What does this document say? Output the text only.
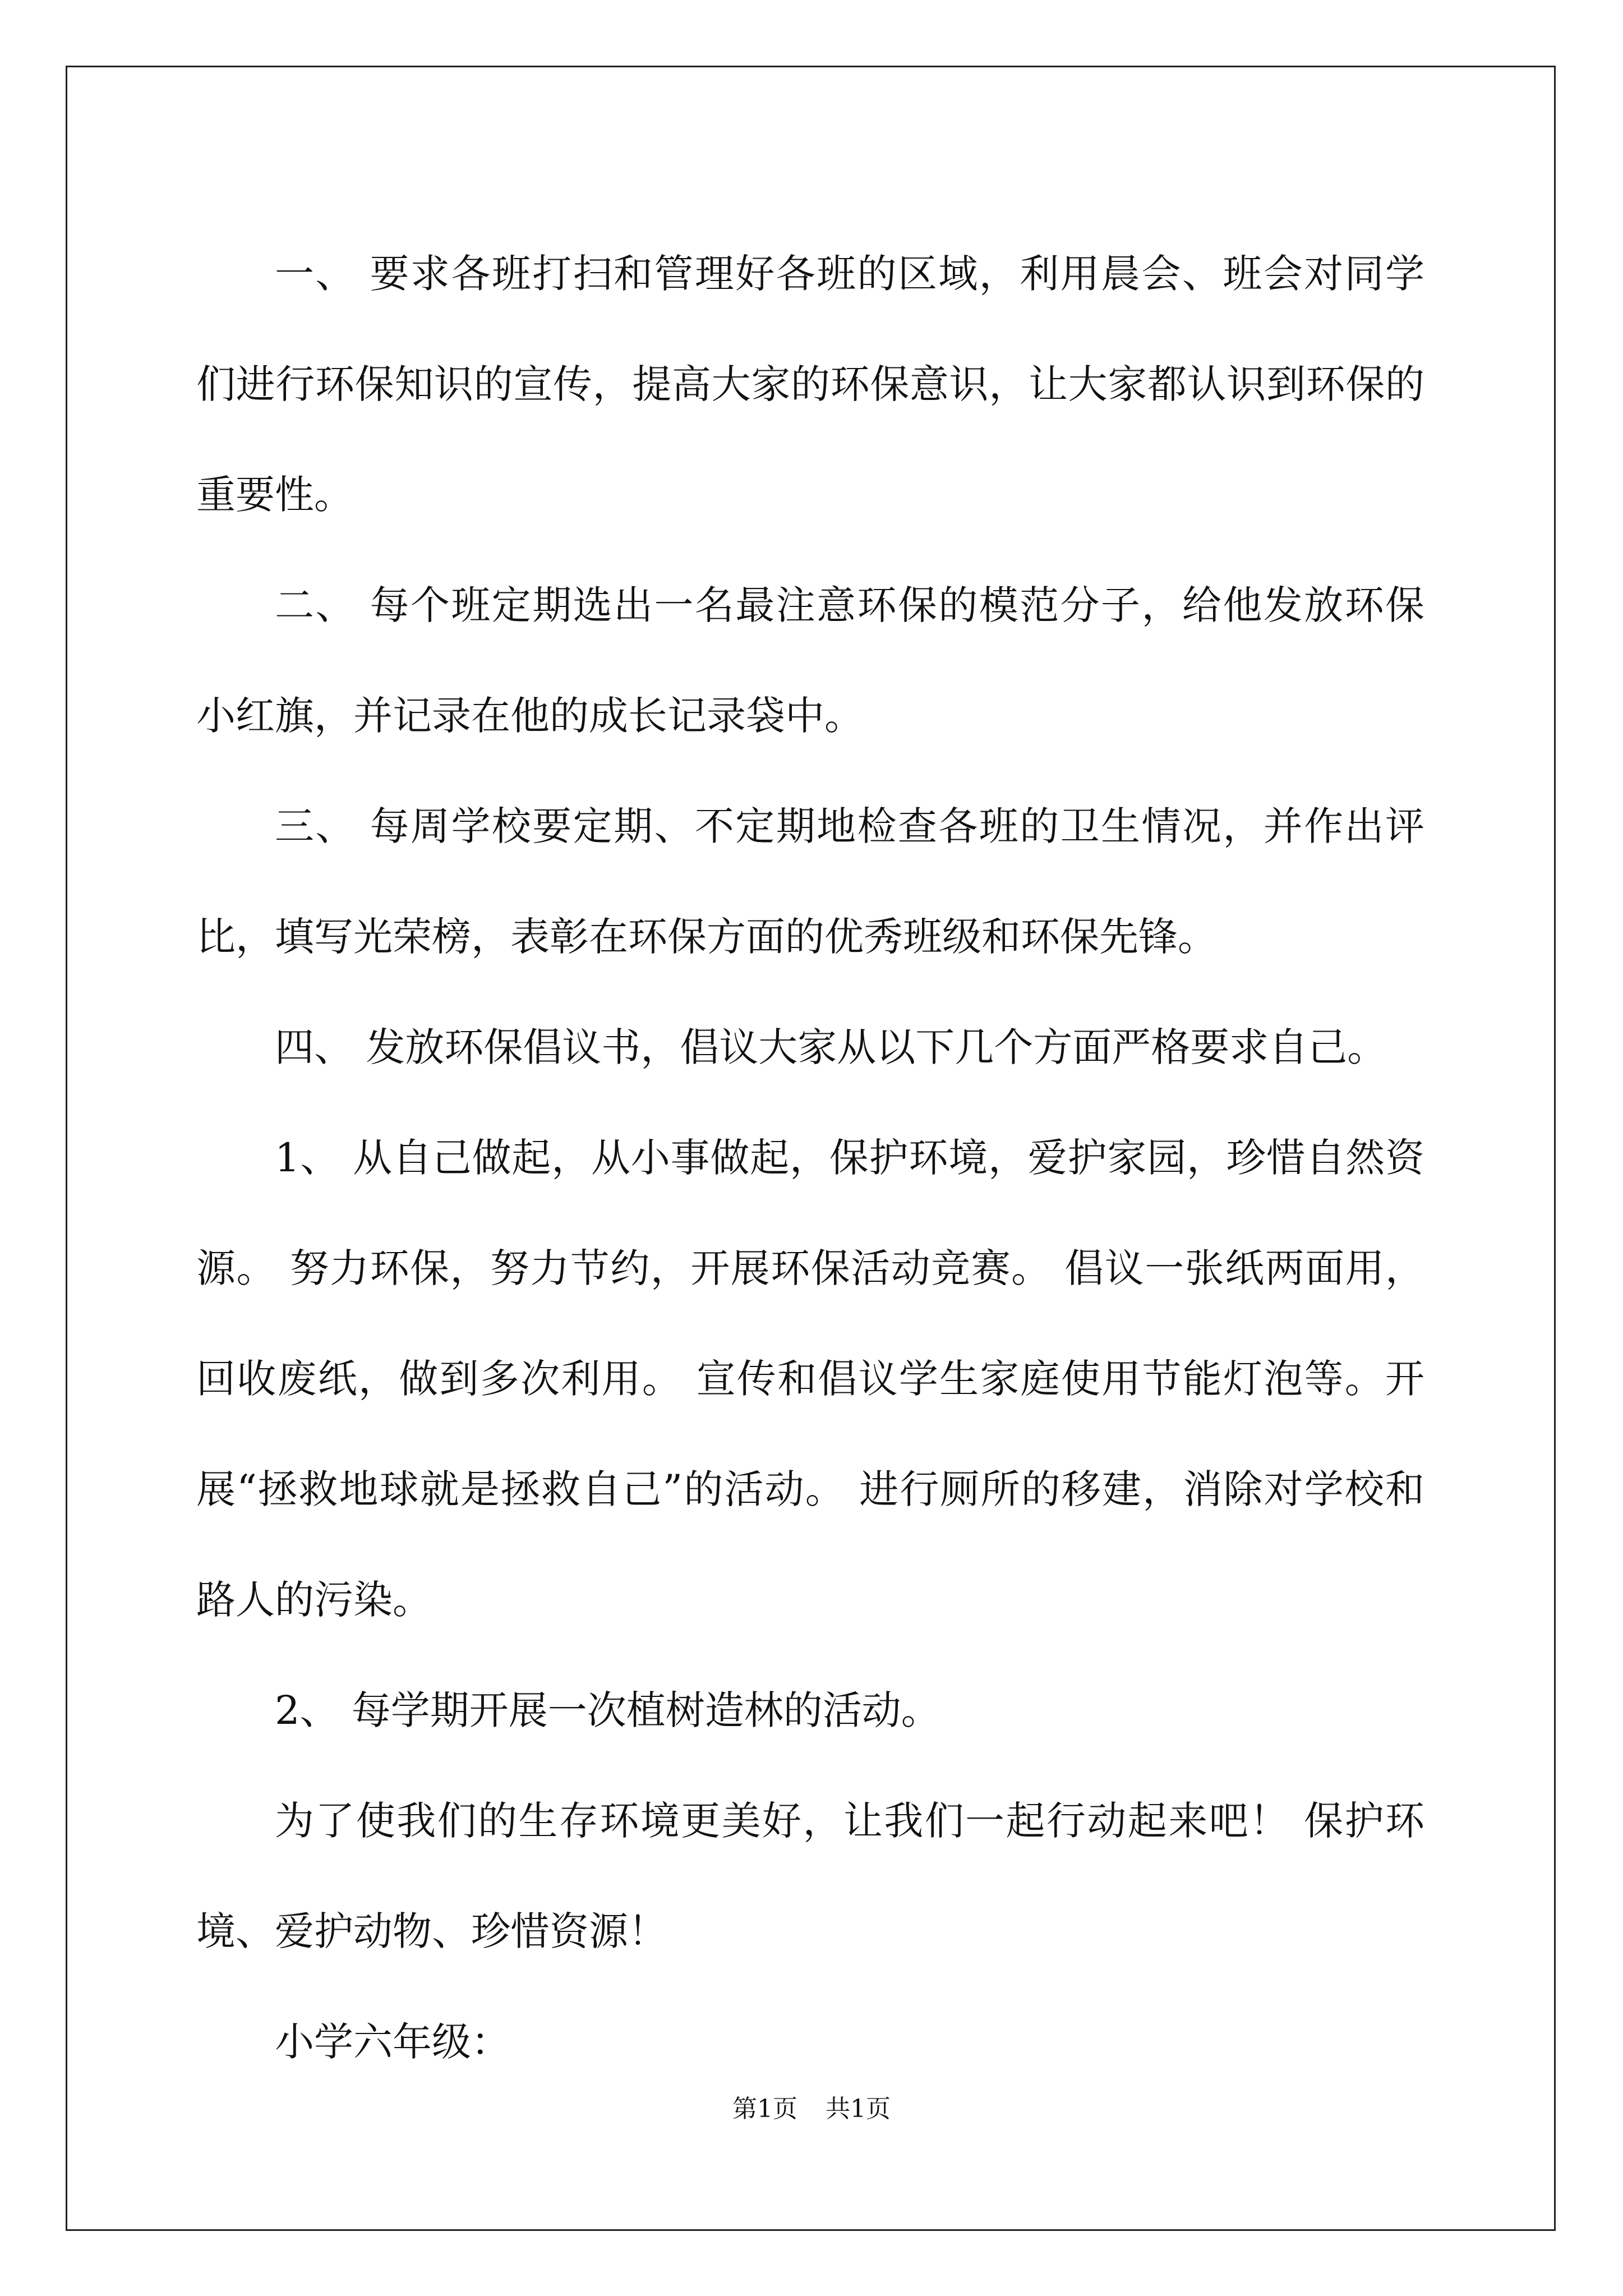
一、 要求各班打扫和管理好各班的区域，利用晨会、班会对同学们进行环保知识的宣传，提高大家的环保意识，让大家都认识到环保的重要性。

二、 每个班定期选出一名最注意环保的模范分子，给他发放环保小红旗，并记录在他的成长记录袋中。

三、 每周学校要定期、不定期地检查各班的卫生情况，并作出评比，填写光荣榜，表彰在环保方面的优秀班级和环保先锋。

四、 发放环保倡议书，倡议大家从以下几个方面严格要求自己。

1、 从自己做起，从小事做起，保护环境，爱护家园，珍惜自然资源。 努力环保，努力节约，开展环保活动竞赛。 倡议一张纸两面用，回收废纸，做到多次利用。 宣传和倡议学生家庭使用节能灯泡等。开展“拯救地球就是拯救自己”的活动。 进行厕所的移建，消除对学校和路人的污染。

2、 每学期开展一次植树造林的活动。

为了使我们的生存环境更美好，让我们一起行动起来吧！ 保护环境、爱护动物、珍惜资源！

小学六年级：

第1页 共1页
